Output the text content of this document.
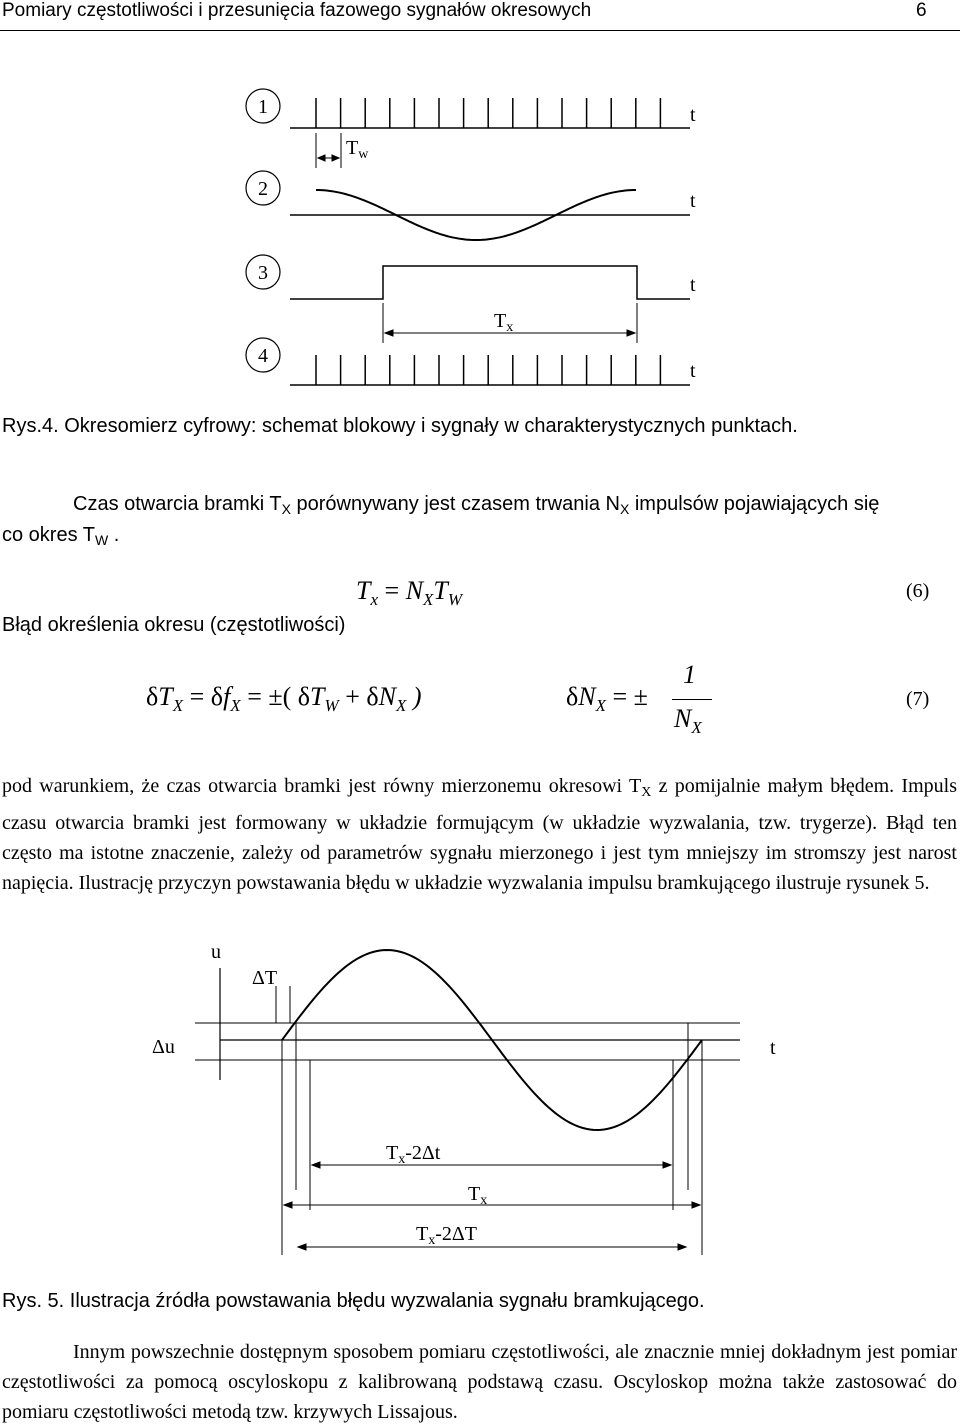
Pomiary częstotliwości i przesunięcia fazowego sygnałów okresowych	6
1
2
3
4
t
$T_w$
t
t
$T_x$
t
Rys.4. Okresomierz cyfrowy: schemat blokowy i sygnały w charakterystycznych punktach.
Czas otwarcia bramki $T_X$ porównywany jest czasem trwania $N_X$ impulsów pojawiających się
co okres $T_W$ .
$T_x = N_XT_W$	(6)
Błąd określenia okresu (częstotliwości)
$\delta T_X = \delta f_X$ = ±( $\delta T_W + \delta N_X$ )	$\delta N_X$ = ±
1
$N_X$
(7)
pod warunkiem, że czas otwarcia bramki jest równy mierzonemu okresowi $T_X$ z pomijalnie małym błędem. Impuls czasu otwarcia bramki jest formowany w układzie formującym (w układzie wyzwalania, tzw. trygerze). Błąd ten często ma istotne znaczenie, zależy od parametrów sygnału mierzonego i jest tym mniejszy im stromszy jest narost napięcia. Ilustrację przyczyn powstawania błędu w układzie wyzwalania impulsu bramkującego ilustruje rysunek 5.
u
t
Δu
ΔT
$T_x-2\Delta t$
$T_x$
$T_x-2\Delta T$
Rys. 5. Ilustracja źródła powstawania błędu wyzwalania sygnału bramkującego.
Innym powszechnie dostępnym sposobem pomiaru częstotliwości, ale znacznie mniej dokładnym jest pomiar częstotliwości za pomocą oscyloskopu z kalibrowaną podstawą czasu. Oscyloskop można także zastosować do pomiaru częstotliwości metodą tzw. krzywych Lissajous.
